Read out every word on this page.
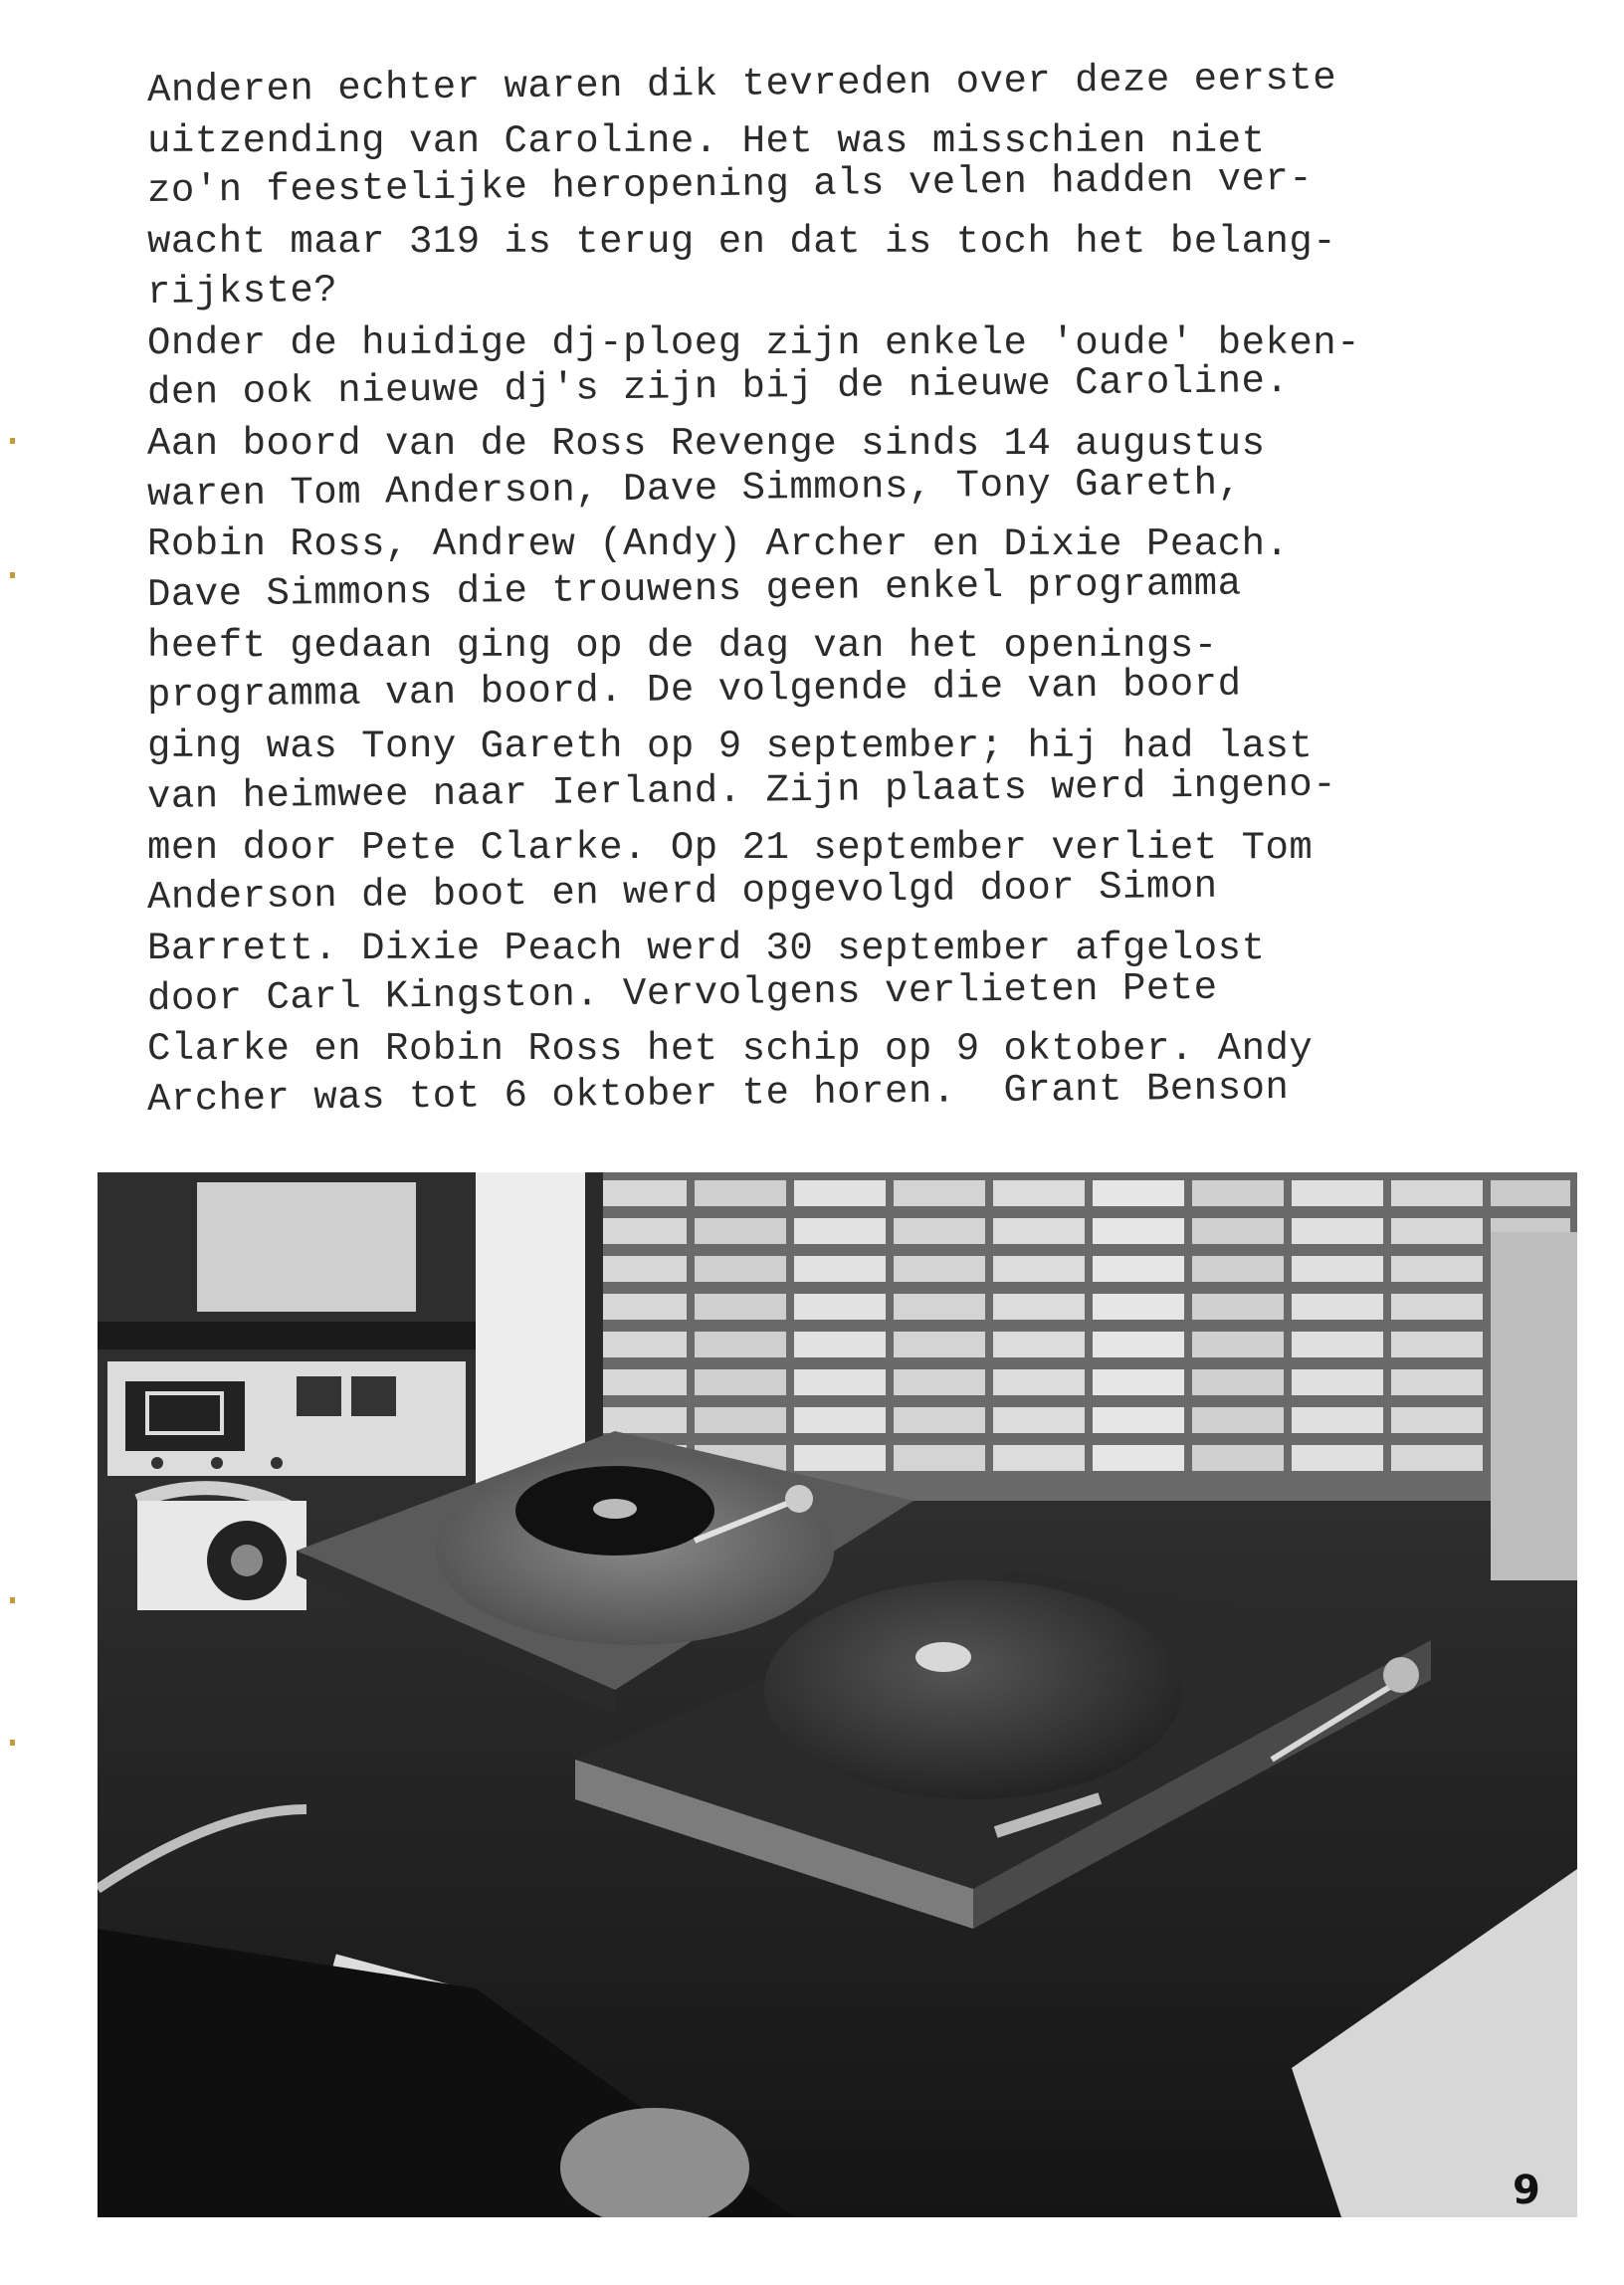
Anderen echter waren dik tevreden over deze eerste
uitzending van Caroline. Het was misschien niet
zo'n feestelijke heropening als velen hadden ver-
wacht maar 319 is terug en dat is toch het belang-
rijkste?
Onder de huidige dj-ploeg zijn enkele 'oude' beken-
den ook nieuwe dj's zijn bij de nieuwe Caroline.
Aan boord van de Ross Revenge sinds 14 augustus
waren Tom Anderson, Dave Simmons, Tony Gareth,
Robin Ross, Andrew (Andy) Archer en Dixie Peach.
Dave Simmons die trouwens geen enkel programma
heeft gedaan ging op de dag van het openings-
programma van boord. De volgende die van boord
ging was Tony Gareth op 9 september; hij had last
van heimwee naar Ierland. Zijn plaats werd ingeno-
men door Pete Clarke. Op 21 september verliet Tom
Anderson de boot en werd opgevolgd door Simon
Barrett. Dixie Peach werd 30 september afgelost
door Carl Kingston. Vervolgens verlieten Pete
Clarke en Robin Ross het schip op 9 oktober. Andy
Archer was tot 6 oktober te horen.  Grant Benson
9
